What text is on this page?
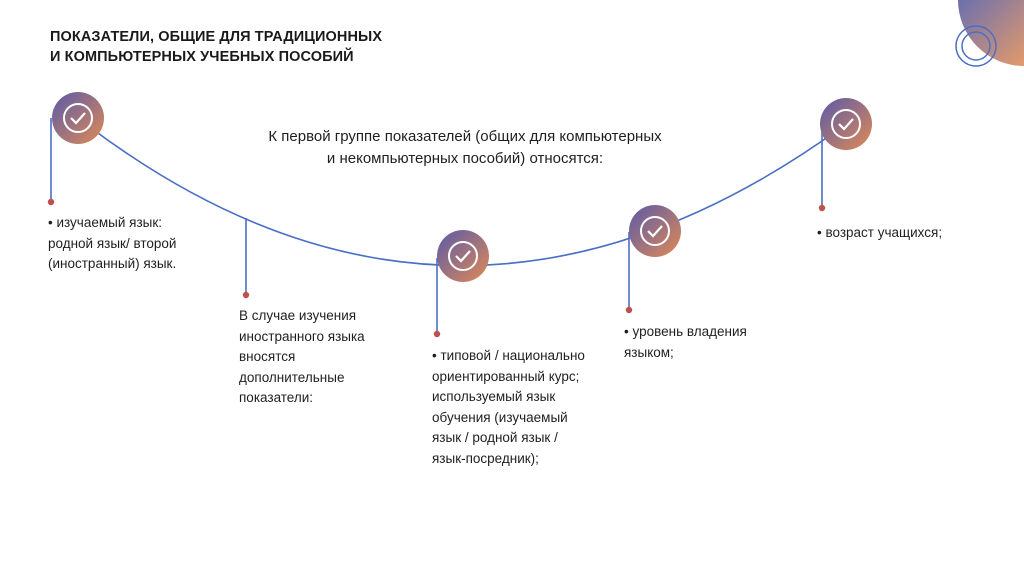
ПОКАЗАТЕЛИ, ОБЩИЕ ДЛЯ ТРАДИЦИОННЫХ
И КОМПЬЮТЕРНЫХ УЧЕБНЫХ ПОСОБИЙ
К первой группе показателей (общих для компьютерных
и некомпьютерных пособий) относятся:
• изучаемый язык:
родной язык/ второй
(иностранный) язык.
В случае изучения
иностранного языка
вносятся
дополнительные
показатели:
• типовой / национально
ориентированный курс;
используемый язык
обучения (изучаемый
язык / родной язык /
язык-посредник);
• уровень владения
языком;
• возраст учащихся;
